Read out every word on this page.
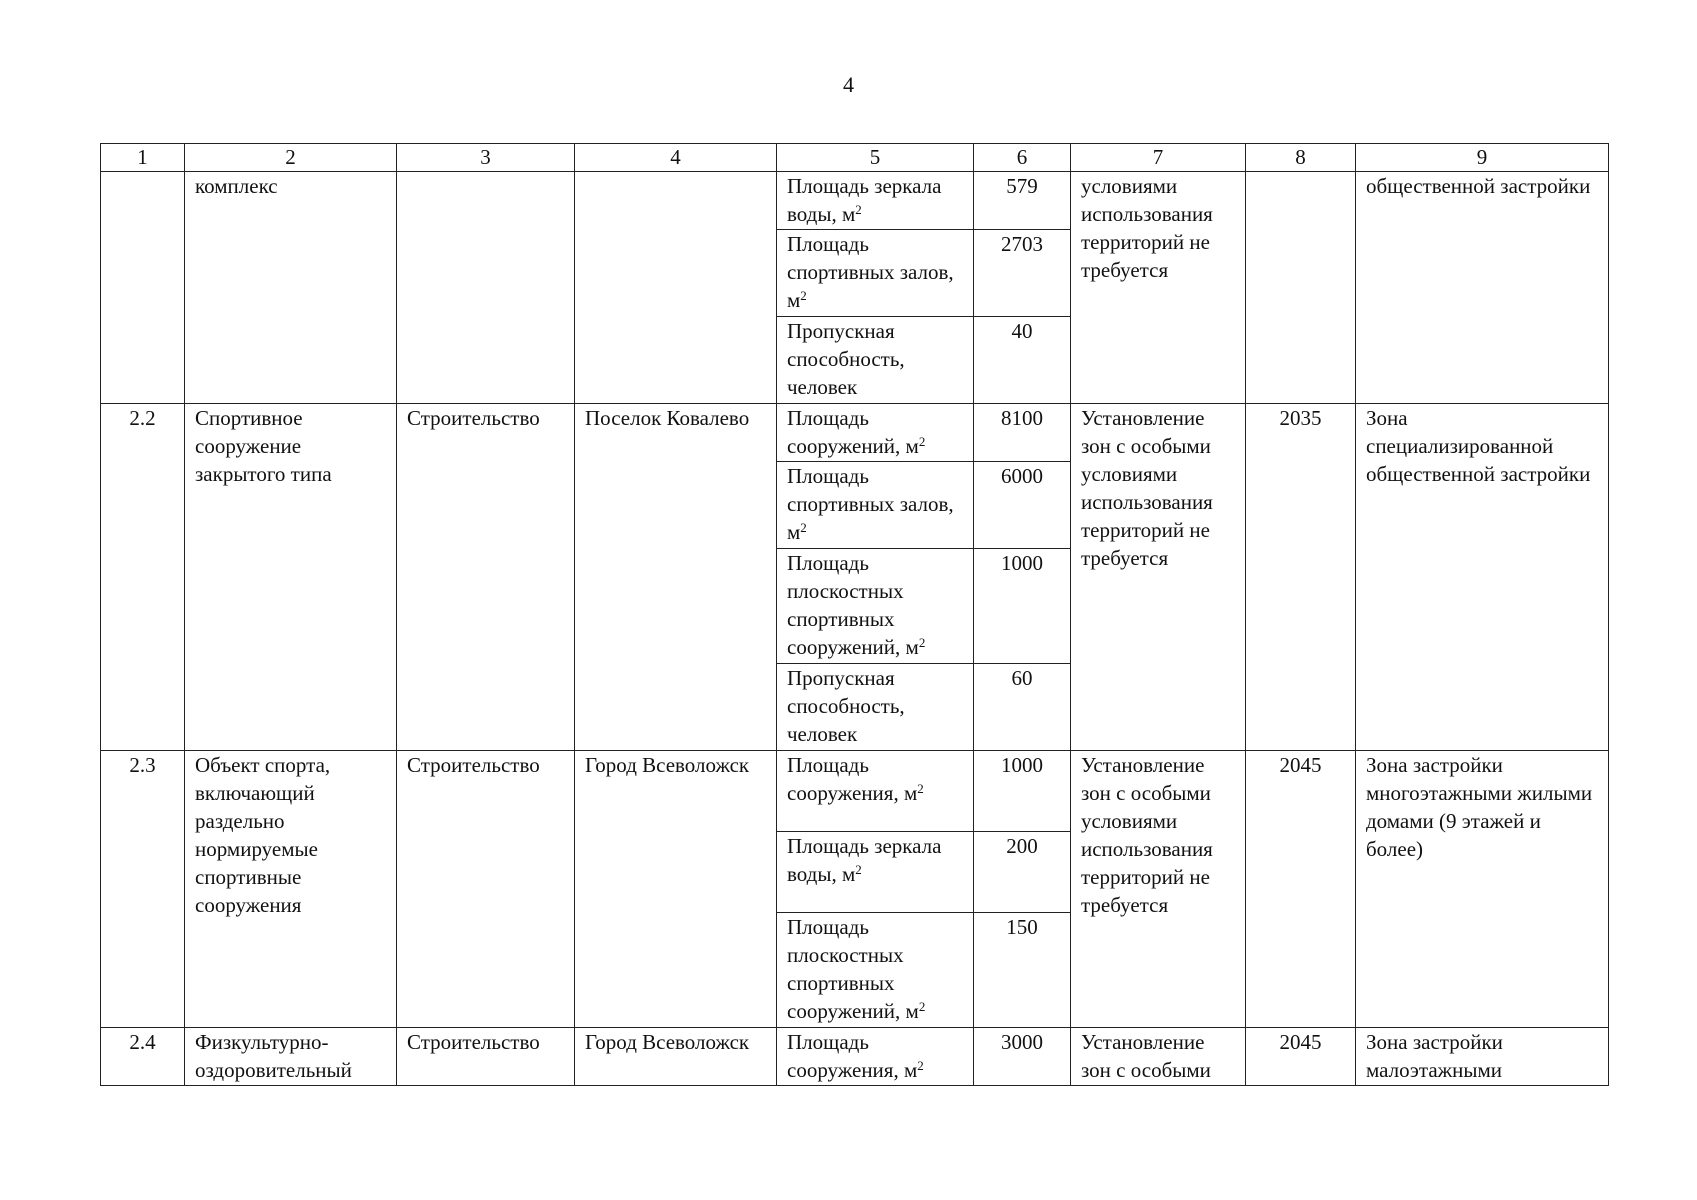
4
1	2	3	4	5	6	7	8	9
	комплекс			Площадь зеркала воды, $м^2$	579	условиями использования территорий не требуется		общественной застройки
				Площадь спортивных залов, $м^2$	2703			
				Пропускная способность, человек	40			
2.2	Спортивное сооружение закрытого типа	Строительство	Поселок Ковалево	Площадь сооружений, $м^2$	8100	Установление зон с особыми условиями использования территорий не требуется	2035	Зона специализированной общественной застройки
				Площадь спортивных залов, $м^2$	6000			
				Площадь плоскостных спортивных сооружений, $м^2$	1000			
				Пропускная способность, человек	60			
2.3	Объект спорта, включающий раздельно нормируемые спортивные сооружения	Строительство	Город Всеволожск	Площадь сооружения, $м^2$	1000	Установление зон с особыми условиями использования территорий не требуется	2045	Зона застройки многоэтажными жилыми домами (9 этажей и более)
				Площадь зеркала воды, $м^2$	200			
				Площадь плоскостных спортивных сооружений, $м^2$	150			
2.4	Физкультурно-оздоровительный	Строительство	Город Всеволожск	Площадь сооружения, $м^2$	3000	Установление зон с особыми	2045	Зона застройки малоэтажными
